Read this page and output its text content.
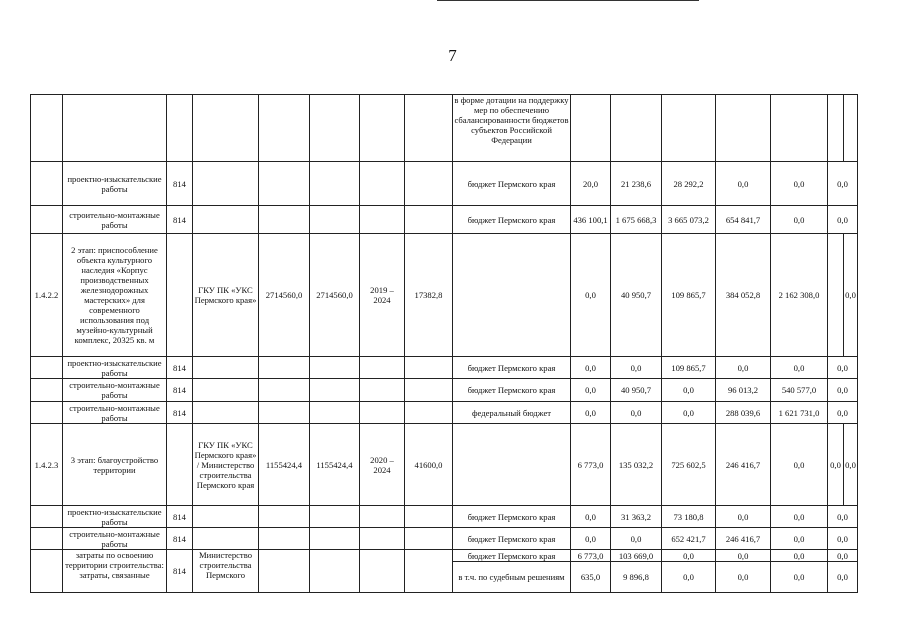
7
								в форме дотации на поддержку мер по обеспечению сбалансированности бюджетов субъектов Российской Федерации							
	проектно-изыскательские работы	814						бюджет Пермского края	20,0	21 238,6	28 292,2	0,0	0,0	0,0	
	строительно-монтажные работы	814						бюджет Пермского края	436 100,1	1 675 668,3	3 665 073,2	654 841,7	0,0	0,0	
1.4.2.2	2 этап: приспособление объекта культурного наследия «Корпус производственных железнодорожных мастерских» для современного использования под музейно-культурный комплекс, 20325 кв. м		ГКУ ПК «УКС Пермского края»	2714560,0	2714560,0	2019 – 2024	17382,8		0,0	40 950,7	109 865,7	384 052,8	2 162 308,0		0,0
	проектно-изыскательские работы	814						бюджет Пермского края	0,0	0,0	109 865,7	0,0	0,0	0,0	
	строительно-монтажные работы	814						бюджет Пермского края	0,0	40 950,7	0,0	96 013,2	540 577,0	0,0	
	строительно-монтажные работы	814						федеральный бюджет	0,0	0,0	0,0	288 039,6	1 621 731,0	0,0	
1.4.2.3	3 этап: благоустройство территории		ГКУ ПК «УКС Пермского края» / Министерство строительства Пермского края	1155424,4	1155424,4	2020 – 2024	41600,0		6 773,0	135 032,2	725 602,5	246 416,7	0,0	0,0	0,0
	проектно-изыскательские работы	814						бюджет Пермского края	0,0	31 363,2	73 180,8	0,0	0,0	0,0	
	строительно-монтажные работы	814						бюджет Пермского края	0,0	0,0	652 421,7	246 416,7	0,0	0,0	
	затраты по освоению территории строительства: затраты, связанные	814	Министерство строительства Пермского					бюджет Пермского края	6 773,0	103 669,0	0,0	0,0	0,0	0,0	
								в т.ч. по судебным решениям	635,0	9 896,8	0,0	0,0	0,0	0,0	
